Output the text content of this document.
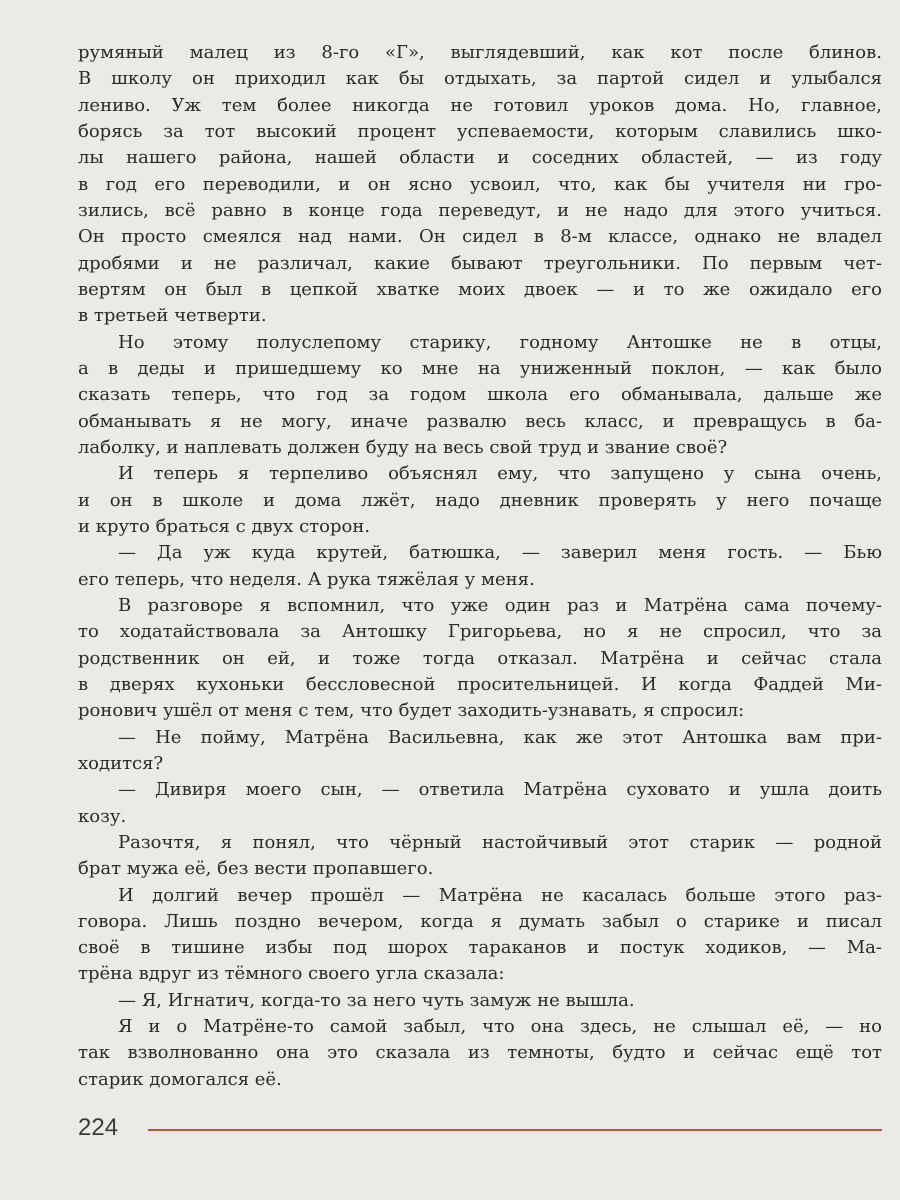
румяный малец из 8-го «Г», выглядевший, как кот после блинов.
В школу он приходил как бы отдыхать, за партой сидел и улыбался
лениво. Уж тем более никогда не готовил уроков дома. Но, главное,
борясь за тот высокий процент успеваемости, которым славились шко-
лы нашего района, нашей области и соседних областей, — из году
в год его переводили, и он ясно усвоил, что, как бы учителя ни гро-
зились, всё равно в конце года переведут, и не надо для этого учиться.
Он просто смеялся над нами. Он сидел в 8-м классе, однако не владел
дробями и не различал, какие бывают треугольники. По первым чет-
вертям он был в цепкой хватке моих двоек — и то же ожидало его
в третьей четверти.
Но этому полуслепому старику, годному Антошке не в отцы,
а в деды и пришедшему ко мне на униженный поклон, — как было
сказать теперь, что год за годом школа его обманывала, дальше же
обманывать я не могу, иначе развалю весь класс, и превращусь в ба-
лаболку, и наплевать должен буду на весь свой труд и звание своё?
И теперь я терпеливо объяснял ему, что запущено у сына очень,
и он в школе и дома лжёт, надо дневник проверять у него почаще
и круто браться с двух сторон.
— Да уж куда крутей, батюшка, — заверил меня гость. — Бью
его теперь, что неделя. А рука тяжёлая у меня.
В разговоре я вспомнил, что уже один раз и Матрёна сама почему-
то ходатайствовала за Антошку Григорьева, но я не спросил, что за
родственник он ей, и тоже тогда отказал. Матрёна и сейчас стала
в дверях кухоньки бессловесной просительницей. И когда Фаддей Ми-
ронович ушёл от меня с тем, что будет заходить-узнавать, я спросил:
— Не пойму, Матрёна Васильевна, как же этот Антошка вам при-
ходится?
— Дивиря моего сын, — ответила Матрёна суховато и ушла доить
козу.
Разочтя, я понял, что чёрный настойчивый этот старик — родной
брат мужа её, без вести пропавшего.
И долгий вечер прошёл — Матрёна не касалась больше этого раз-
говора. Лишь поздно вечером, когда я думать забыл о старике и писал
своё в тишине избы под шорох тараканов и постук ходиков, — Ма-
трёна вдруг из тёмного своего угла сказала:
— Я, Игнатич, когда-то за него чуть замуж не вышла.
Я и о Матрёне-то самой забыл, что она здесь, не слышал её, — но
так взволнованно она это сказала из темноты, будто и сейчас ещё тот
старик домогался её.
224
